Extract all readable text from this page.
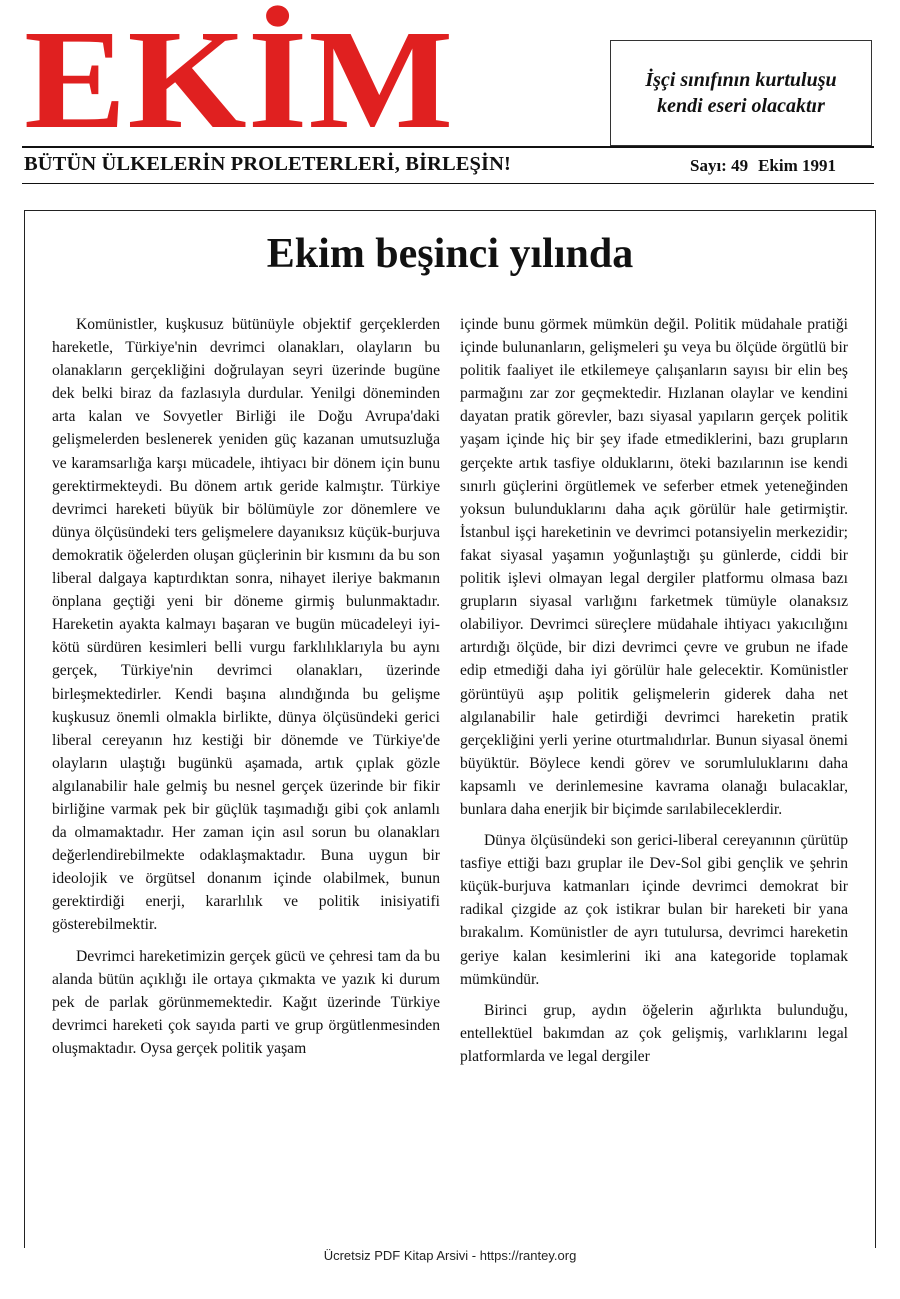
EKİM	İşçi sınıfının kurtuluşu
kendi eseri olacaktır
BÜTÜN ÜLKELERİN PROLETERLERİ, BİRLEŞİN!	Sayı: 49 Ekim 1991
Ekim beşinci yılında

Komünistler, kuşkusuz bütünüyle objektif gerçeklerden hareketle, Türkiye'nin devrimci olanakları, olayların bu olanakların gerçekliğini doğrulayan seyri üzerinde bugüne dek belki biraz da fazlasıyla durdular. Yenilgi döneminden arta kalan ve Sovyetler Birliği ile Doğu Avrupa'daki gelişmelerden beslenerek yeniden güç kazanan umutsuzluğa ve karamsarlığa karşı mücadele, ihtiyacı bir dönem için bunu gerektirmekteydi. Bu dönem artık geride kalmıştır. Türkiye devrimci hareketi büyük bir bölümüyle zor dönemlere ve dünya ölçüsündeki ters gelişmelere dayanıksız küçük-burjuva demokratik öğelerden oluşan güçlerinin bir kısmını da bu son liberal dalgaya kaptırdıktan sonra, nihayet ileriye bakmanın önplana geçtiği yeni bir döneme girmiş bulunmaktadır. Hareketin ayakta kalmayı başaran ve bugün mücadeleyi iyi-kötü sürdüren kesimleri belli vurgu farklılıklarıyla bu aynı gerçek, Türkiye'nin devrimci olanakları, üzerinde birleşmektedirler. Kendi başına alındığında bu gelişme kuşkusuz önemli olmakla birlikte, dünya ölçüsündeki gerici liberal cereyanın hız kestiği bir dönemde ve Türkiye'de olayların ulaştığı bugünkü aşamada, artık çıplak gözle algılanabilir hale gelmiş bu nesnel gerçek üzerinde bir fikir birliğine varmak pek bir güçlük taşımadığı gibi çok anlamlı da olmamaktadır. Her zaman için asıl sorun bu olanakları değerlendirebilmekte odaklaşmaktadır. Buna uygun bir ideolojik ve örgütsel donanım içinde olabilmek, bunun gerektirdiği enerji, kararlılık ve politik inisiyatifi gösterebilmektir.

Devrimci hareketimizin gerçek gücü ve çehresi tam da bu alanda bütün açıklığı ile ortaya çıkmakta ve yazık ki durum pek de parlak görünmemektedir. Kağıt üzerinde Türkiye devrimci hareketi çok sayıda parti ve grup örgütlenmesinden oluşmaktadır. Oysa gerçek politik yaşam

içinde bunu görmek mümkün değil. Politik müdahale pratiği içinde bulunanların, gelişmeleri şu veya bu ölçüde örgütlü bir politik faaliyet ile etkilemeye çalışanların sayısı bir elin beş parmağını zar zor geçmektedir. Hızlanan olaylar ve kendini dayatan pratik görevler, bazı siyasal yapıların gerçek politik yaşam içinde hiç bir şey ifade etmediklerini, bazı grupların gerçekte artık tasfiye olduklarını, öteki bazılarının ise kendi sınırlı güçlerini örgütlemek ve seferber etmek yeteneğinden yoksun bulunduklarını daha açık görülür hale getirmiştir. İstanbul işçi hareketinin ve devrimci potansiyelin merkezidir; fakat siyasal yaşamın yoğunlaştığı şu günlerde, ciddi bir politik işlevi olmayan legal dergiler platformu olmasa bazı grupların siyasal varlığını farketmek tümüyle olanaksız olabiliyor. Devrimci süreçlere müdahale ihtiyacı yakıcılığını artırdığı ölçüde, bir dizi devrimci çevre ve grubun ne ifade edip etmediği daha iyi görülür hale gelecektir. Komünistler görüntüyü aşıp politik gelişmelerin giderek daha net algılanabilir hale getirdiği devrimci hareketin pratik gerçekliğini yerli yerine oturtmalıdırlar. Bunun siyasal önemi büyüktür. Böylece kendi görev ve sorumluluklarını daha kapsamlı ve derinlemesine kavrama olanağı bulacaklar, bunlara daha enerjik bir biçimde sarılabileceklerdir.

Dünya ölçüsündeki son gerici-liberal cereyanının çürütüp tasfiye ettiği bazı gruplar ile Dev-Sol gibi gençlik ve şehrin küçük-burjuva katmanları içinde devrimci demokrat bir radikal çizgide az çok istikrar bulan bir hareketi bir yana bırakalım. Komünistler de ayrı tutulursa, devrimci hareketin geriye kalan kesimlerini iki ana kategoride toplamak mümkündür.

Birinci grup, aydın öğelerin ağırlıkta bulunduğu, entellektüel bakımdan az çok gelişmiş, varlıklarını legal platformlarda ve legal dergiler

Ücretsiz PDF Kitap Arsivi - https://rantey.org
